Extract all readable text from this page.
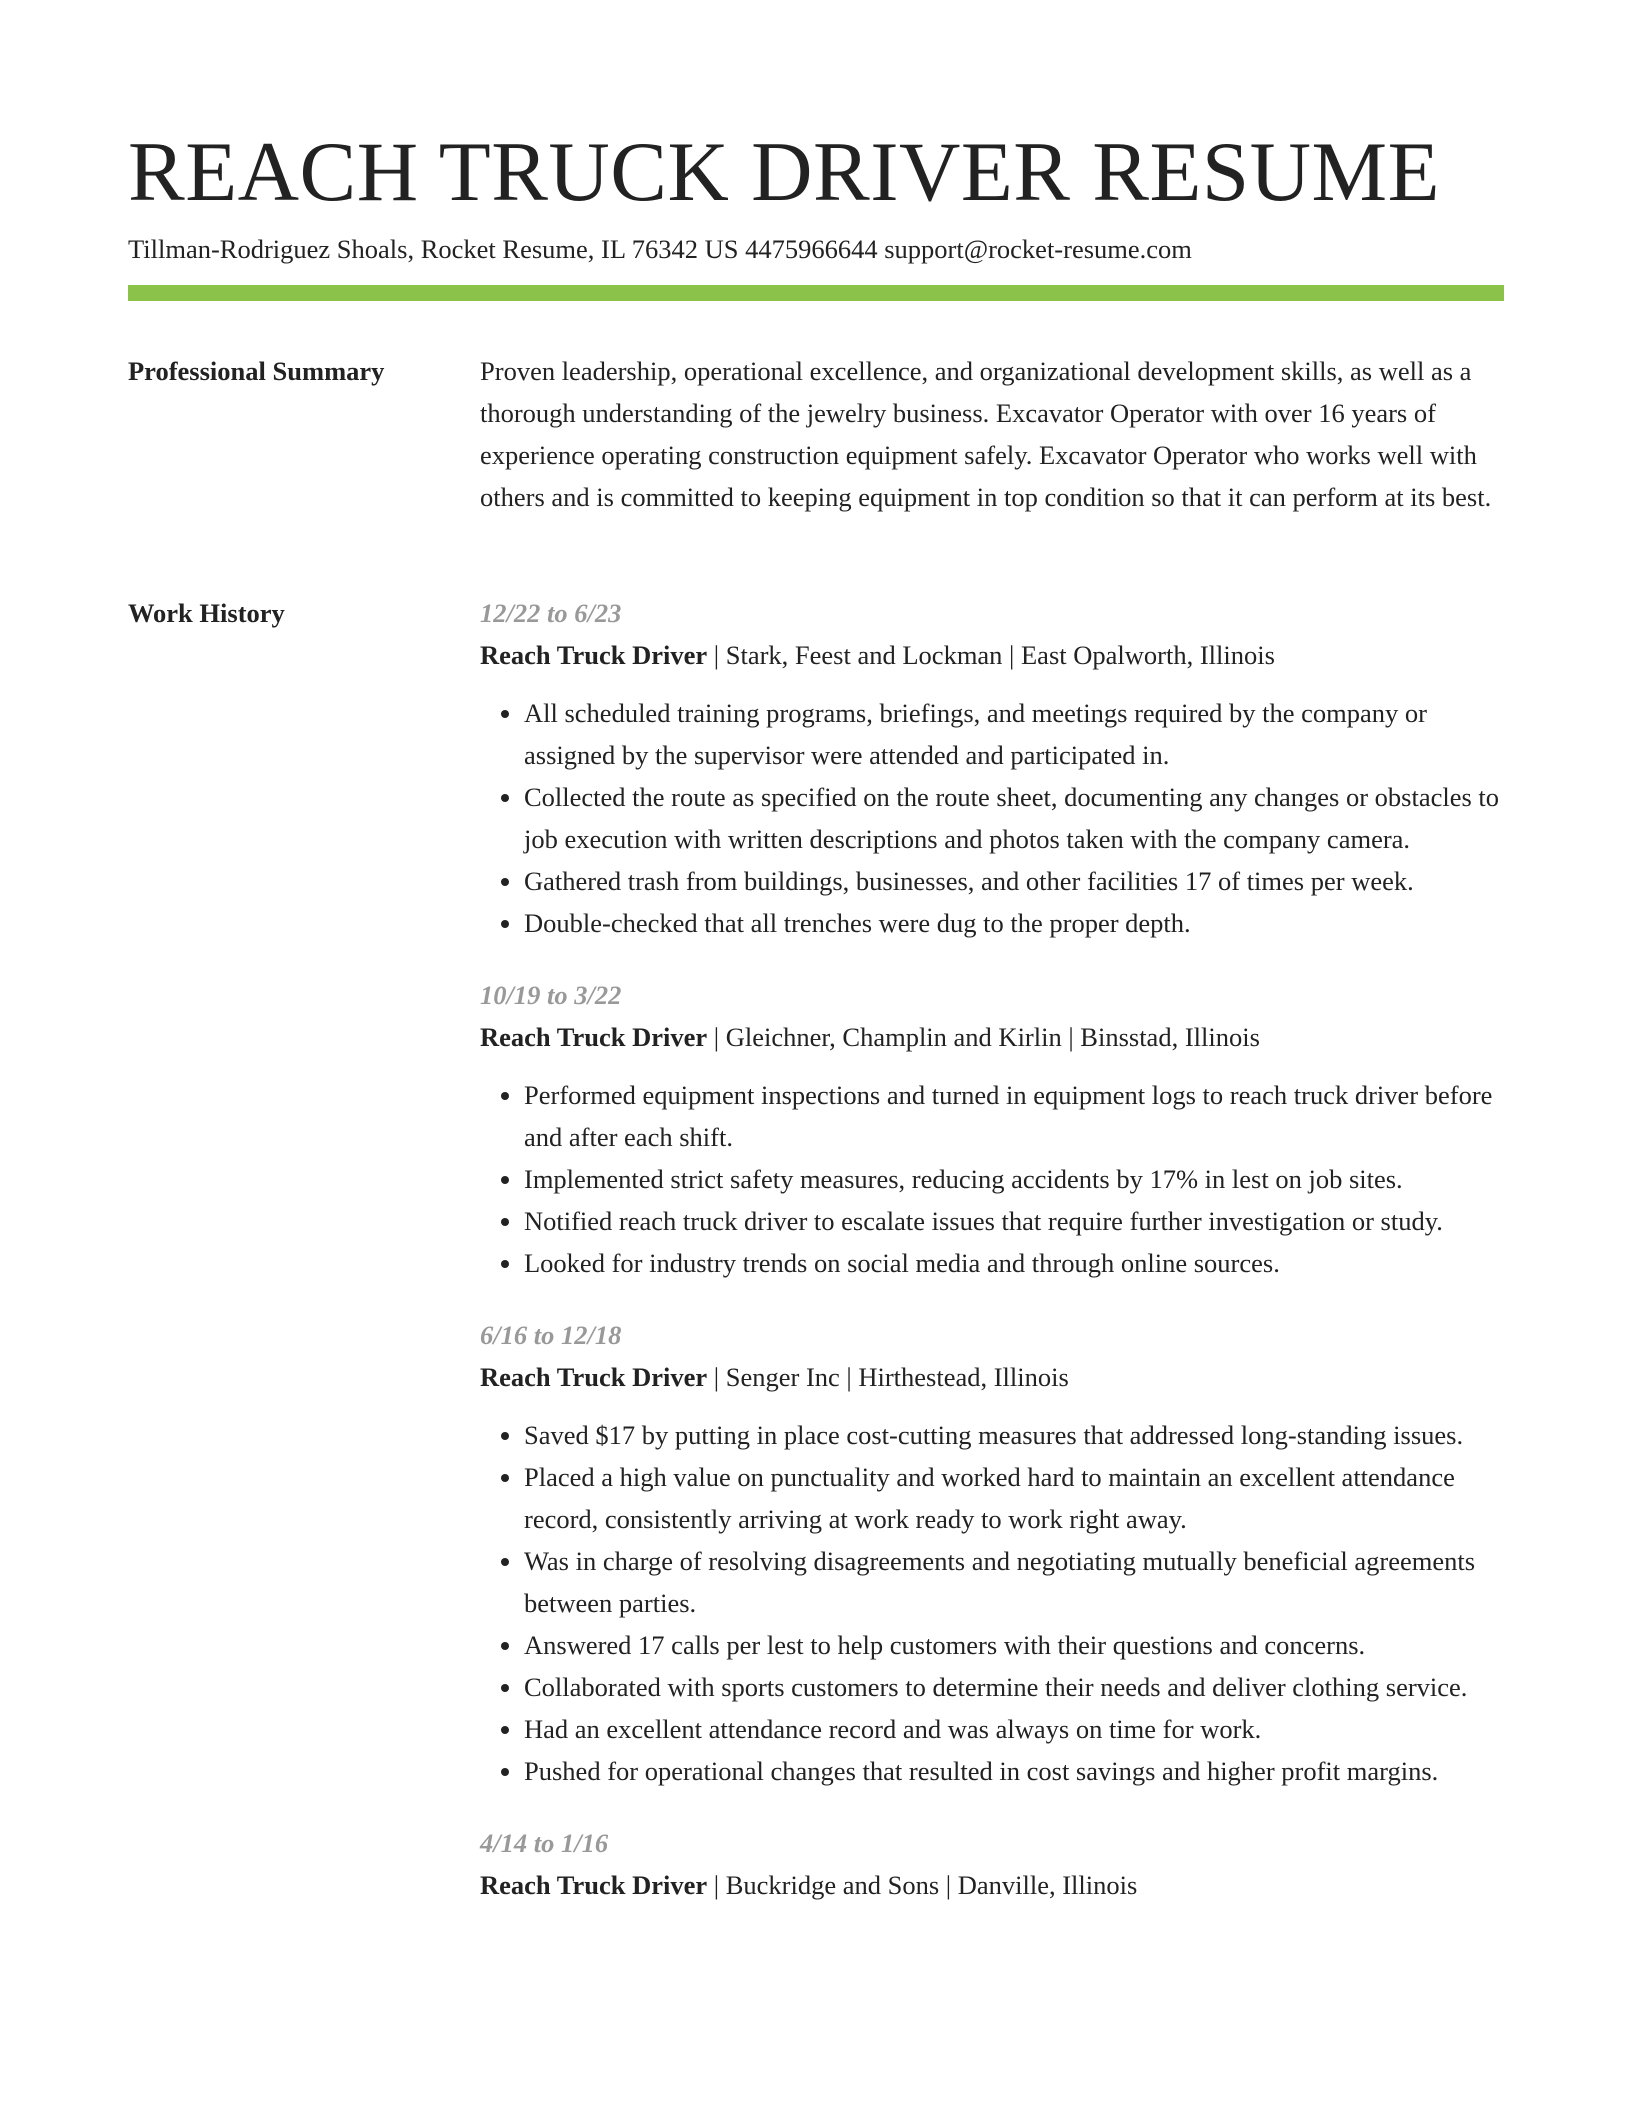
REACH TRUCK DRIVER RESUME
Tillman-Rodriguez Shoals, Rocket Resume, IL 76342 US 4475966644 support@rocket-resume.com
Professional Summary	Proven leadership, operational excellence, and organizational development skills, as well as a thorough understanding of the jewelry business. Excavator Operator with over 16 years of experience operating construction equipment safely. Excavator Operator who works well with others and is committed to keeping equipment in top condition so that it can perform at its best.

Work History	12/22 to 6/23
Reach Truck Driver | Stark, Feest and Lockman | East Opalworth, Illinois
• All scheduled training programs, briefings, and meetings required by the company or assigned by the supervisor were attended and participated in.
• Collected the route as specified on the route sheet, documenting any changes or obstacles to job execution with written descriptions and photos taken with the company camera.
• Gathered trash from buildings, businesses, and other facilities 17 of times per week.
• Double-checked that all trenches were dug to the proper depth.
10/19 to 3/22
Reach Truck Driver | Gleichner, Champlin and Kirlin | Binsstad, Illinois
• Performed equipment inspections and turned in equipment logs to reach truck driver before and after each shift.
• Implemented strict safety measures, reducing accidents by 17% in lest on job sites.
• Notified reach truck driver to escalate issues that require further investigation or study.
• Looked for industry trends on social media and through online sources.
6/16 to 12/18
Reach Truck Driver | Senger Inc | Hirthestead, Illinois
• Saved $17 by putting in place cost-cutting measures that addressed long-standing issues.
• Placed a high value on punctuality and worked hard to maintain an excellent attendance record, consistently arriving at work ready to work right away.
• Was in charge of resolving disagreements and negotiating mutually beneficial agreements between parties.
• Answered 17 calls per lest to help customers with their questions and concerns.
• Collaborated with sports customers to determine their needs and deliver clothing service.
• Had an excellent attendance record and was always on time for work.
• Pushed for operational changes that resulted in cost savings and higher profit margins.
4/14 to 1/16
Reach Truck Driver | Buckridge and Sons | Danville, Illinois
